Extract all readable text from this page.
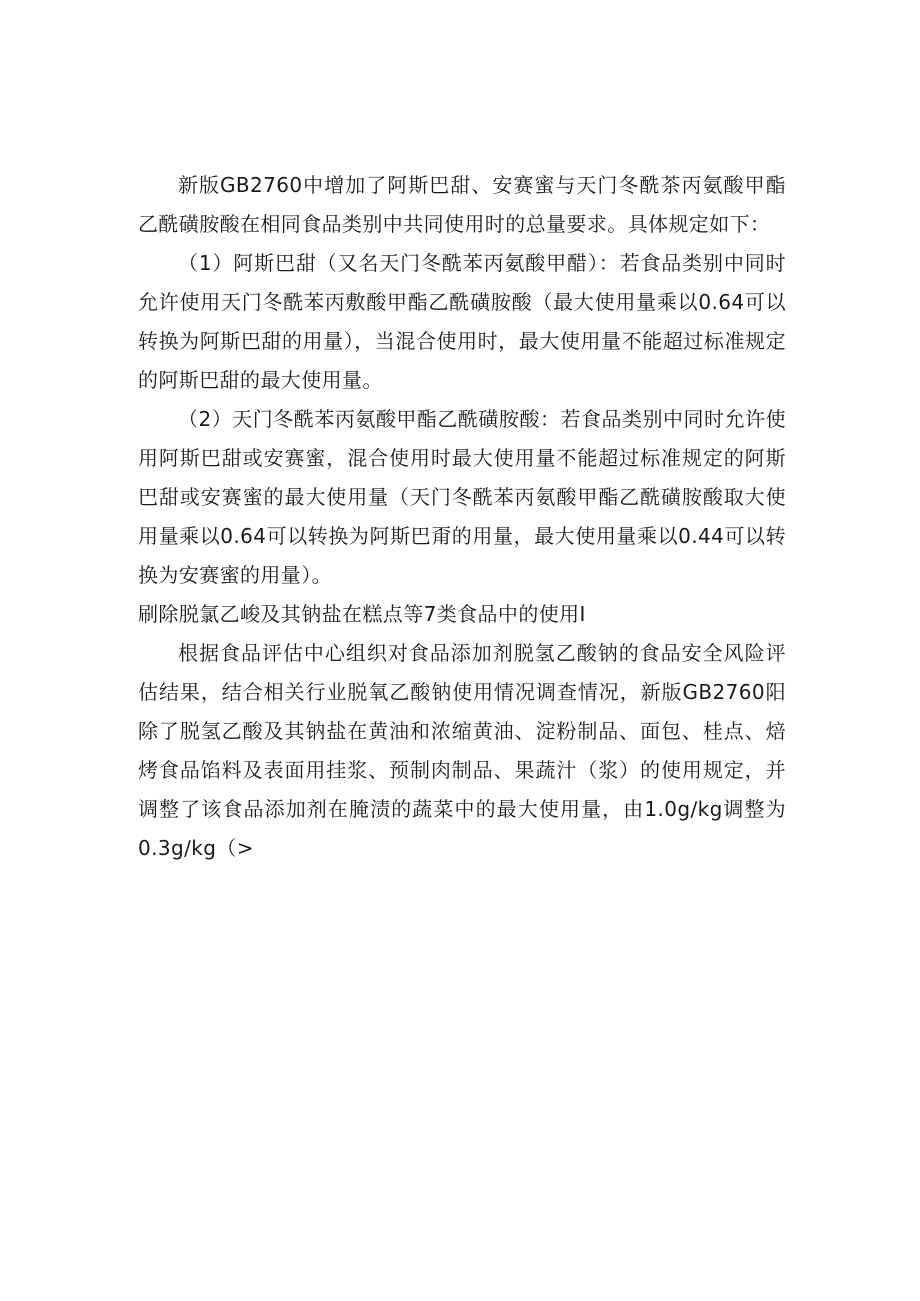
新版GB2760中增加了阿斯巴甜、安赛蜜与天门冬酰茶丙氨酸甲酯乙酰磺胺酸在相同食品类别中共同使用时的总量要求。具体规定如下：

（1）阿斯巴甜（又名天门冬酰苯丙氨酸甲醋）：若食品类别中同时允许使用天门冬酰苯丙敷酸甲酯乙酰磺胺酸（最大使用量乘以0.64可以转换为阿斯巴甜的用量），当混合使用时，最大使用量不能超过标准规定的阿斯巴甜的最大使用量。

（2）天门冬酰苯丙氨酸甲酯乙酰磺胺酸：若食品类别中同时允许使用阿斯巴甜或安赛蜜，混合使用时最大使用量不能超过标准规定的阿斯巴甜或安赛蜜的最大使用量（天门冬酰苯丙氨酸甲酯乙酰磺胺酸取大使用量乘以0.64可以转换为阿斯巴甭的用量，最大使用量乘以0.44可以转换为安赛蜜的用量）。

刷除脱氯乙峻及其钠盐在糕点等7类食品中的使用I

根据食品评估中心组织对食品添加剂脱氢乙酸钠的食品安全风险评估结果，结合相关行业脱氧乙酸钠使用情况调查情况，新版GB2760阳除了脱氢乙酸及其钠盐在黄油和浓缩黄油、淀粉制品、面包、桂点、焙烤食品馅料及表面用挂浆、预制肉制品、果蔬汁（浆）的使用规定，并调整了该食品添加剂在腌渍的蔬菜中的最大使用量，由1.0g∕kg调整为0.3g∕kg（>
